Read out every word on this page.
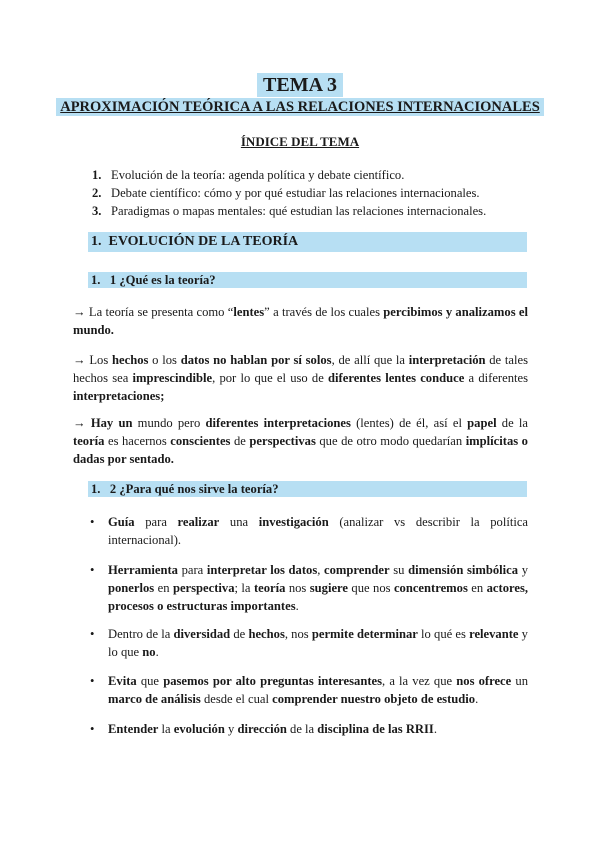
TEMA 3
APROXIMACIÓN TEÓRICA A LAS RELACIONES INTERNACIONALES
ÍNDICE DEL TEMA
1. Evolución de la teoría: agenda política y debate científico.
2. Debate científico: cómo y por qué estudiar las relaciones internacionales.
3. Paradigmas o mapas mentales: qué estudian las relaciones internacionales.
1. EVOLUCIÓN DE LA TEORÍA
1. 1 ¿Qué es la teoría?
→ La teoría se presenta como “lentes” a través de los cuales percibimos y analizamos el mundo.
→ Los hechos o los datos no hablan por sí solos, de allí que la interpretación de tales hechos sea imprescindible, por lo que el uso de diferentes lentes conduce a diferentes interpretaciones;
→ Hay un mundo pero diferentes interpretaciones (lentes) de él, así el papel de la teoría es hacernos conscientes de perspectivas que de otro modo quedarían implícitas o dadas por sentado.
1. 2 ¿Para qué nos sirve la teoría?
• Guía para realizar una investigación (analizar vs describir la política internacional).
• Herramienta para interpretar los datos, comprender su dimensión simbólica y ponerlos en perspectiva; la teoría nos sugiere que nos concentremos en actores, procesos o estructuras importantes.
• Dentro de la diversidad de hechos, nos permite determinar lo qué es relevante y lo que no.
• Evita que pasemos por alto preguntas interesantes, a la vez que nos ofrece un marco de análisis desde el cual comprender nuestro objeto de estudio.
• Entender la evolución y dirección de la disciplina de las RRII.
